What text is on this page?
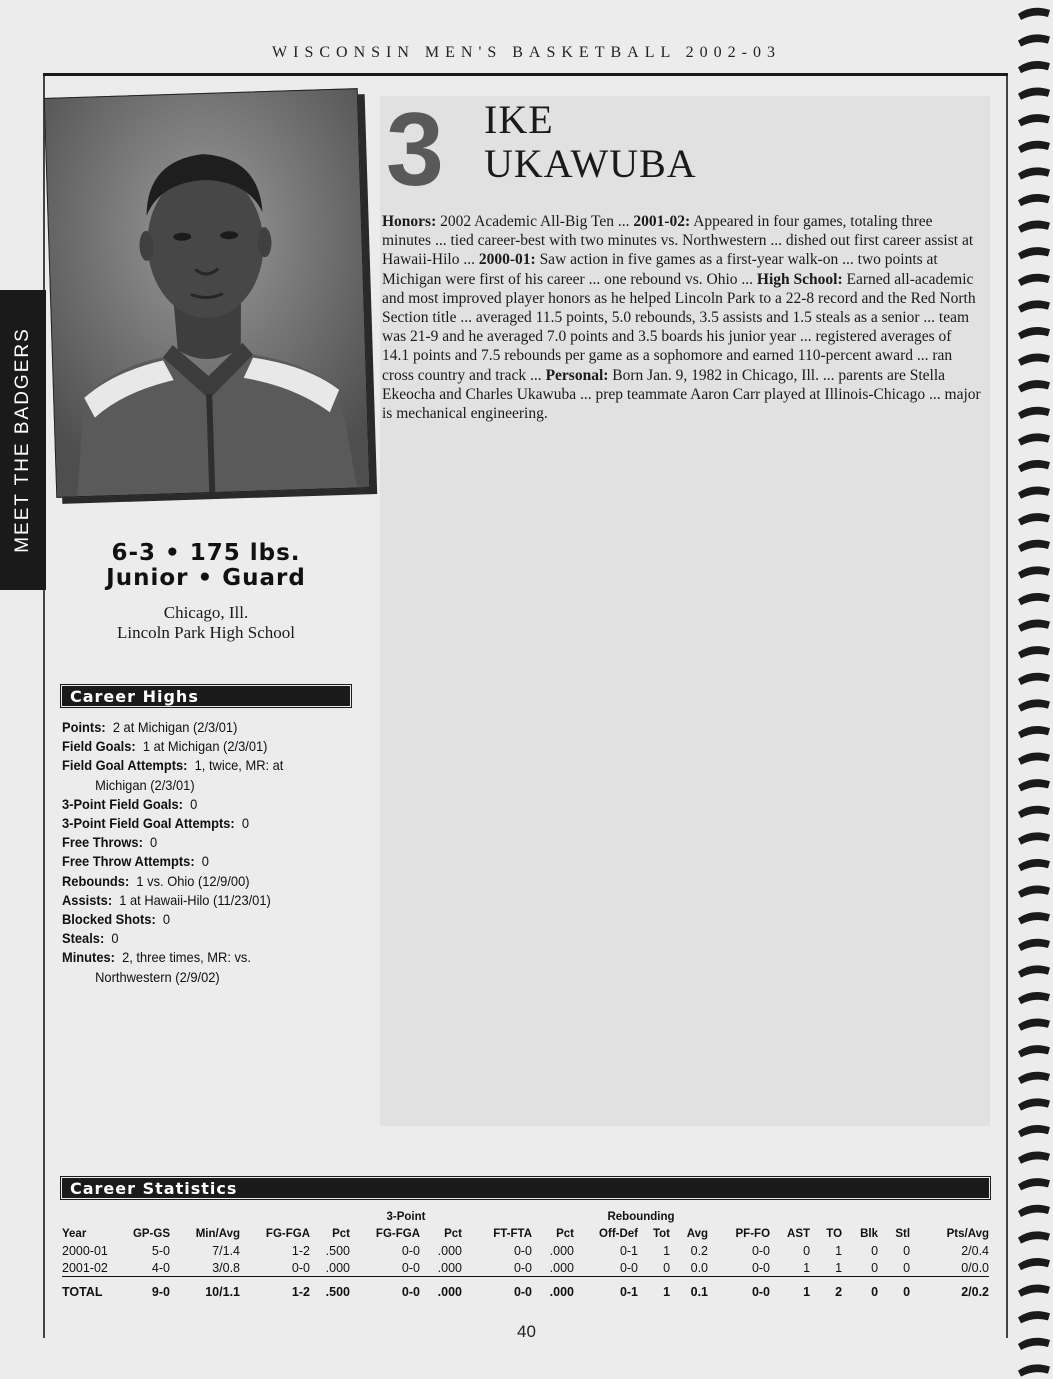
WISCONSIN MEN'S BASKETBALL 2002-03
MEET THE BADGERS
3 IKE
UKAWUBA
Honors: 2002 Academic All-Big Ten ... 2001-02: Appeared in four games, totaling three minutes ... tied career-best with two minutes vs. Northwestern ... dished out first career assist at Hawaii-Hilo ... 2000-01: Saw action in five games as a first-year walk-on ... two points at Michigan were first of his career ... one rebound vs. Ohio ... High School: Earned all-academic and most improved player honors as he helped Lincoln Park to a 22-8 record and the Red North Section title ... averaged 11.5 points, 5.0 rebounds, 3.5 assists and 1.5 steals as a senior ... team was 21-9 and he averaged 7.0 points and 3.5 boards his junior year ... registered averages of 14.1 points and 7.5 rebounds per game as a sophomore and earned 110-percent award ... ran cross country and track ... Personal: Born Jan. 9, 1982 in Chicago, Ill. ... parents are Stella Ekeocha and Charles Ukawuba ... prep teammate Aaron Carr played at Illinois-Chicago ... major is mechanical engineering.
6-3 • 175 lbs.
Junior • Guard
Chicago, Ill.
Lincoln Park High School
Career Highs
Points: 2 at Michigan (2/3/01)
Field Goals: 1 at Michigan (2/3/01)
Field Goal Attempts: 1, twice, MR: at
Michigan (2/3/01)
3-Point Field Goals: 0
3-Point Field Goal Attempts: 0
Free Throws: 0
Free Throw Attempts: 0
Rebounds: 1 vs. Ohio (12/9/00)
Assists: 1 at Hawaii-Hilo (11/23/01)
Blocked Shots: 0
Steals: 0
Minutes: 2, three times, MR: vs.
Northwestern (2/9/02)
Career Statistics
					3-Point				Rebounding								
Year	GP-GS	Min/Avg	FG-FGA	Pct	FG-FGA	Pct	FT-FTA	Pct	Off-Def	Tot	Avg	PF-FO	AST	TO	Blk	Stl	Pts/Avg
2000-01	5-0	7/1.4	1-2	.500	0-0	.000	0-0	.000	0-1	1	0.2	0-0	0	1	0	0	2/0.4
2001-02	4-0	3/0.8	0-0	.000	0-0	.000	0-0	.000	0-0	0	0.0	0-0	1	1	0	0	0/0.0
TOTAL	9-0	10/1.1	1-2	.500	0-0	.000	0-0	.000	0-1	1	0.1	0-0	1	2	0	0	2/0.2
40
